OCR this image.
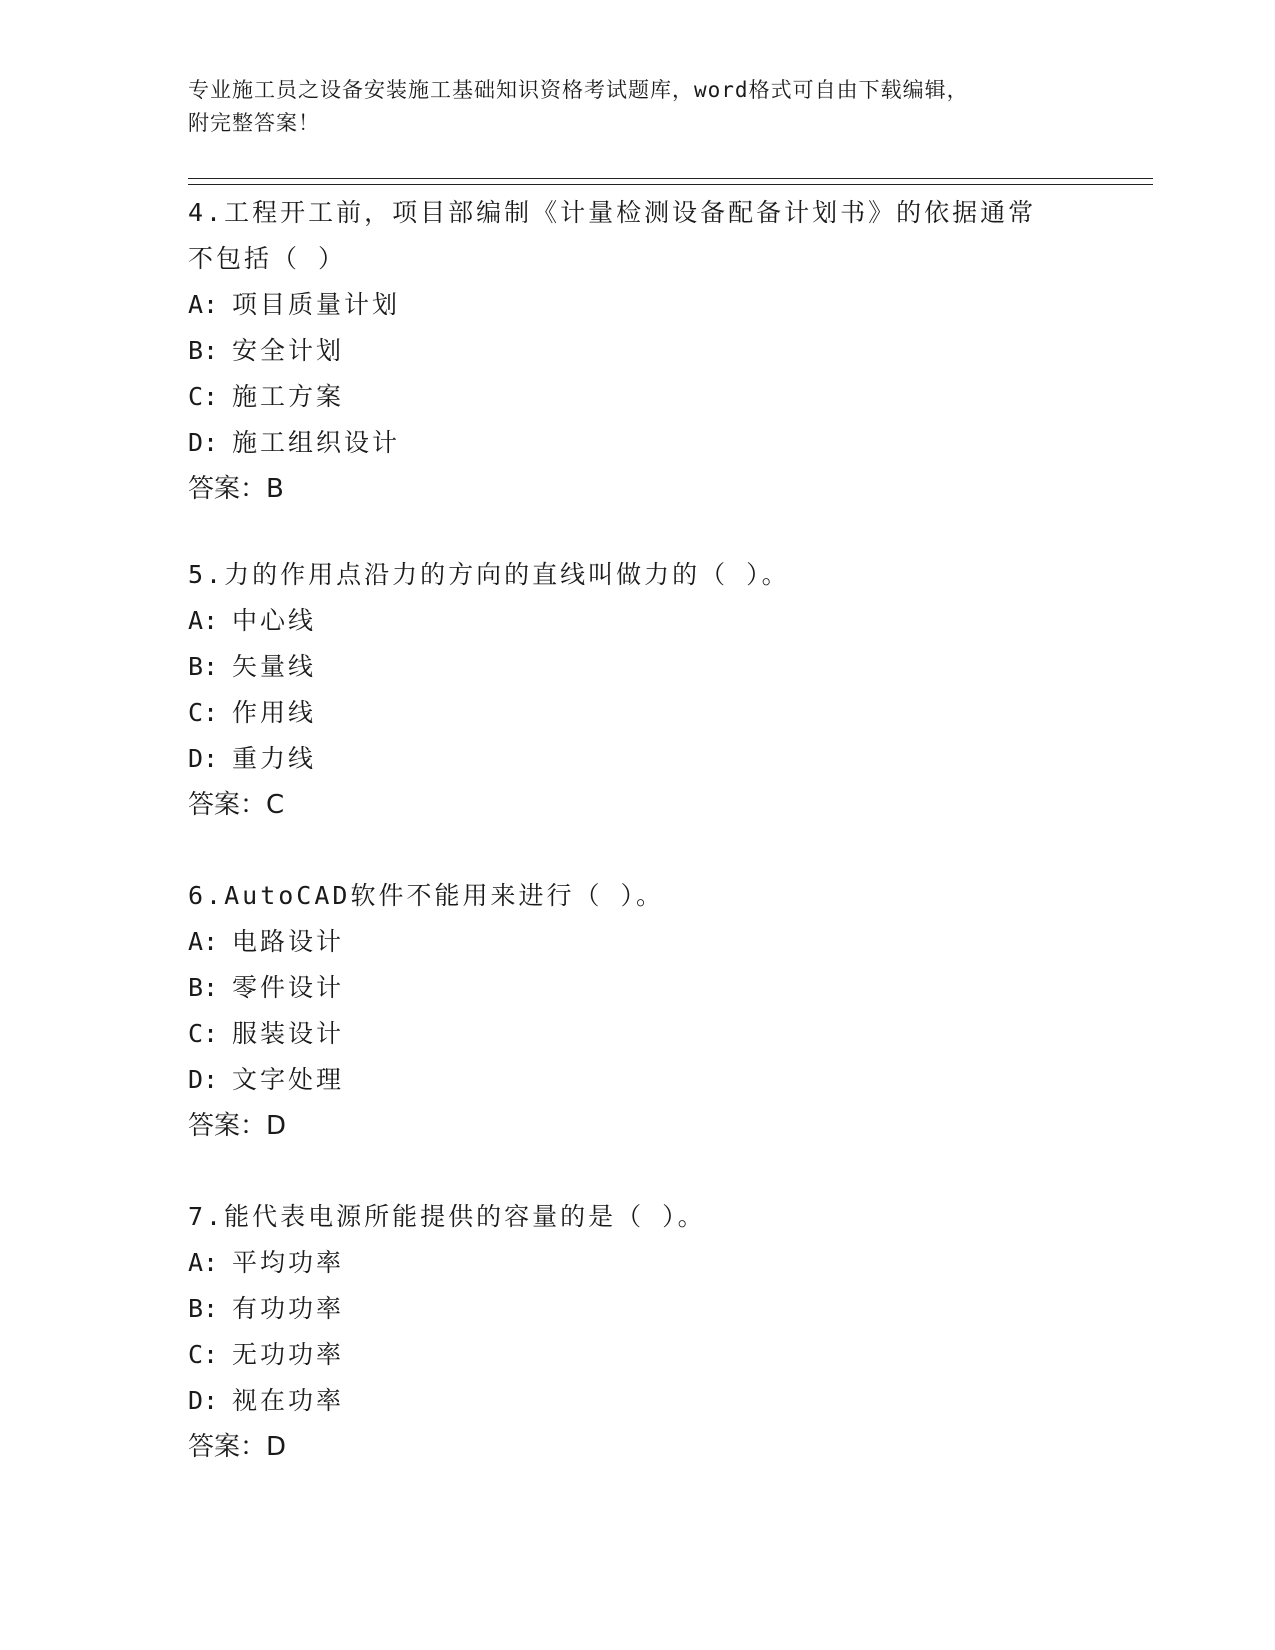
专业施工员之设备安装施工基础知识资格考试题库，word格式可自由下载编辑，
附完整答案！

4.工程开工前，项目部编制《计量检测设备配备计划书》的依据通常

不包括（ ）

A: 项目质量计划

B: 安全计划

C: 施工方案

D: 施工组织设计

答案：B

5.力的作用点沿力的方向的直线叫做力的（ ）。

A: 中心线

B: 矢量线

C: 作用线

D: 重力线

答案：C

6.AutoCAD软件不能用来进行（ ）。

A: 电路设计

B: 零件设计

C: 服装设计

D: 文字处理

答案：D

7.能代表电源所能提供的容量的是（ ）。

A: 平均功率

B: 有功功率

C: 无功功率

D: 视在功率

答案：D
